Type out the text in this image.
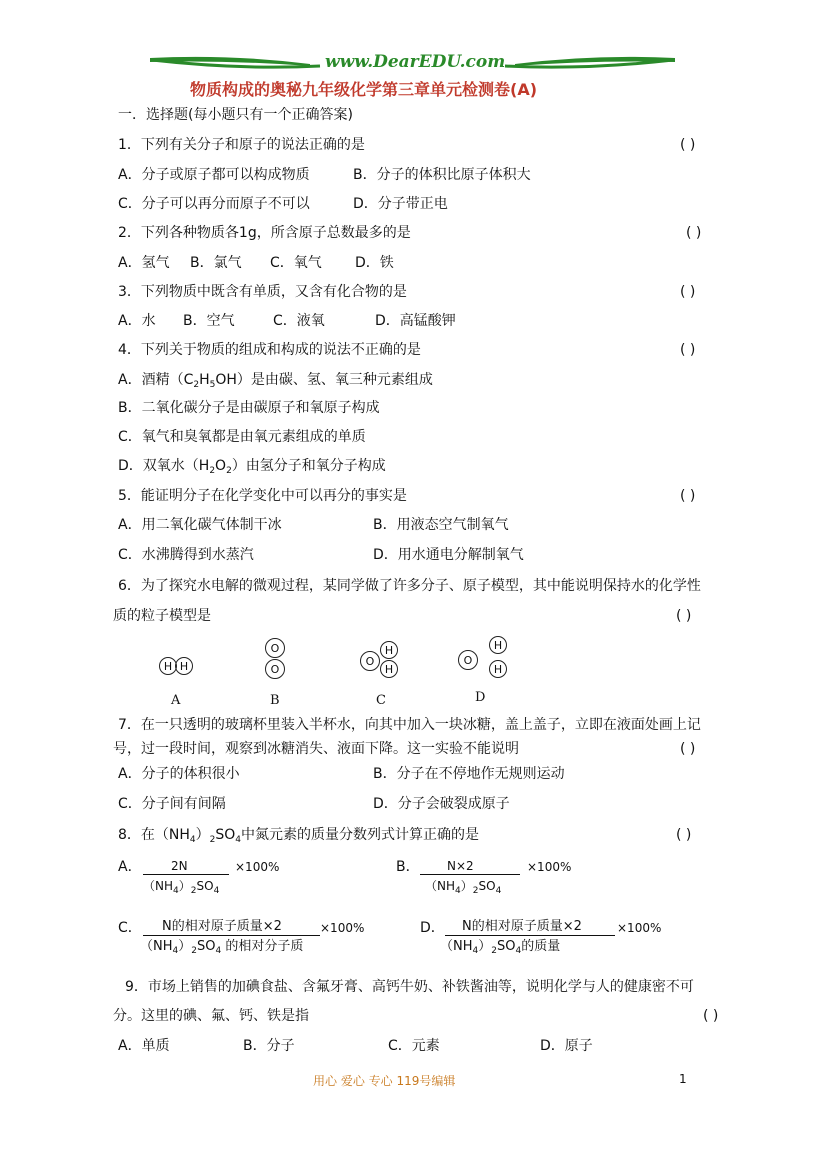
www.DearEDU.com
物质构成的奥秘九年级化学第三章单元检测卷(A)
一．选择题(每小题只有一个正确答案)
1．下列有关分子和原子的说法正确的是	( )
A．分子或原子都可以构成物质	B．分子的体积比原子体积大
C．分子可以再分而原子不可以	D．分子带正电
2．下列各种物质各1g，所含原子总数最多的是	( )
A．氢气 B．氯气 C．氧气 D．铁
3．下列物质中既含有单质，又含有化合物的是	( )
A．水 B．空气	C．液氧	D．高锰酸钾
4．下列关于物质的组成和构成的说法不正确的是	( )
A．酒精$(C_2H_5OH)$是由碳、氢、氧三种元素组成
B．二氧化碳分子是由碳原子和氧原子构成
C．氧气和臭氧都是由氧元素组成的单质
D．双氧水$(H_2O_2)$由氢分子和氧分子构成
5．能证明分子在化学变化中可以再分的事实是	( )
A．用二氧化碳气体制干冰	B．用液态空气制氧气
C．水沸腾得到水蒸汽	D．用水通电分解制氧气
6．为了探究水电解的微观过程，某同学做了许多分子、原子模型，其中能说明保持水的化学性
质的粒子模型是	( )
H H
A
O
O
B
O
H
H
C
O
H
H
D
7．在一只透明的玻璃杯里装入半杯水，向其中加入一块冰糖，盖上盖子，立即在液面处画上记
号，过一段时间，观察到冰糖消失、液面下降。这一实验不能说明	( )
A．分子的体积很小	B．分子在不停地作无规则运动
C．分子间有间隔	D．分子会破裂成原子
8．在$(NH_4)_2SO_4$中氮元素的质量分数列式计算正确的是	( )
A． 2N
$(NH_4)_2SO_4$
×100%	B． N×2
$(NH_4)_2SO_4$
×100%
C． N的相对原子质量×2
$(NH_4)_2SO_4$ 的相对分子质
×100%	D． N的相对原子质量×2
$(NH_4)_2SO_4$的质量
×100%
9．市场上销售的加碘食盐、含氟牙膏、高钙牛奶、补铁酱油等，说明化学与人的健康密不可
分。这里的碘、氟、钙、铁是指	( )
A．单质	B．分子	C．元素	D．原子
用心 爱心 专心 119号编辑	1
